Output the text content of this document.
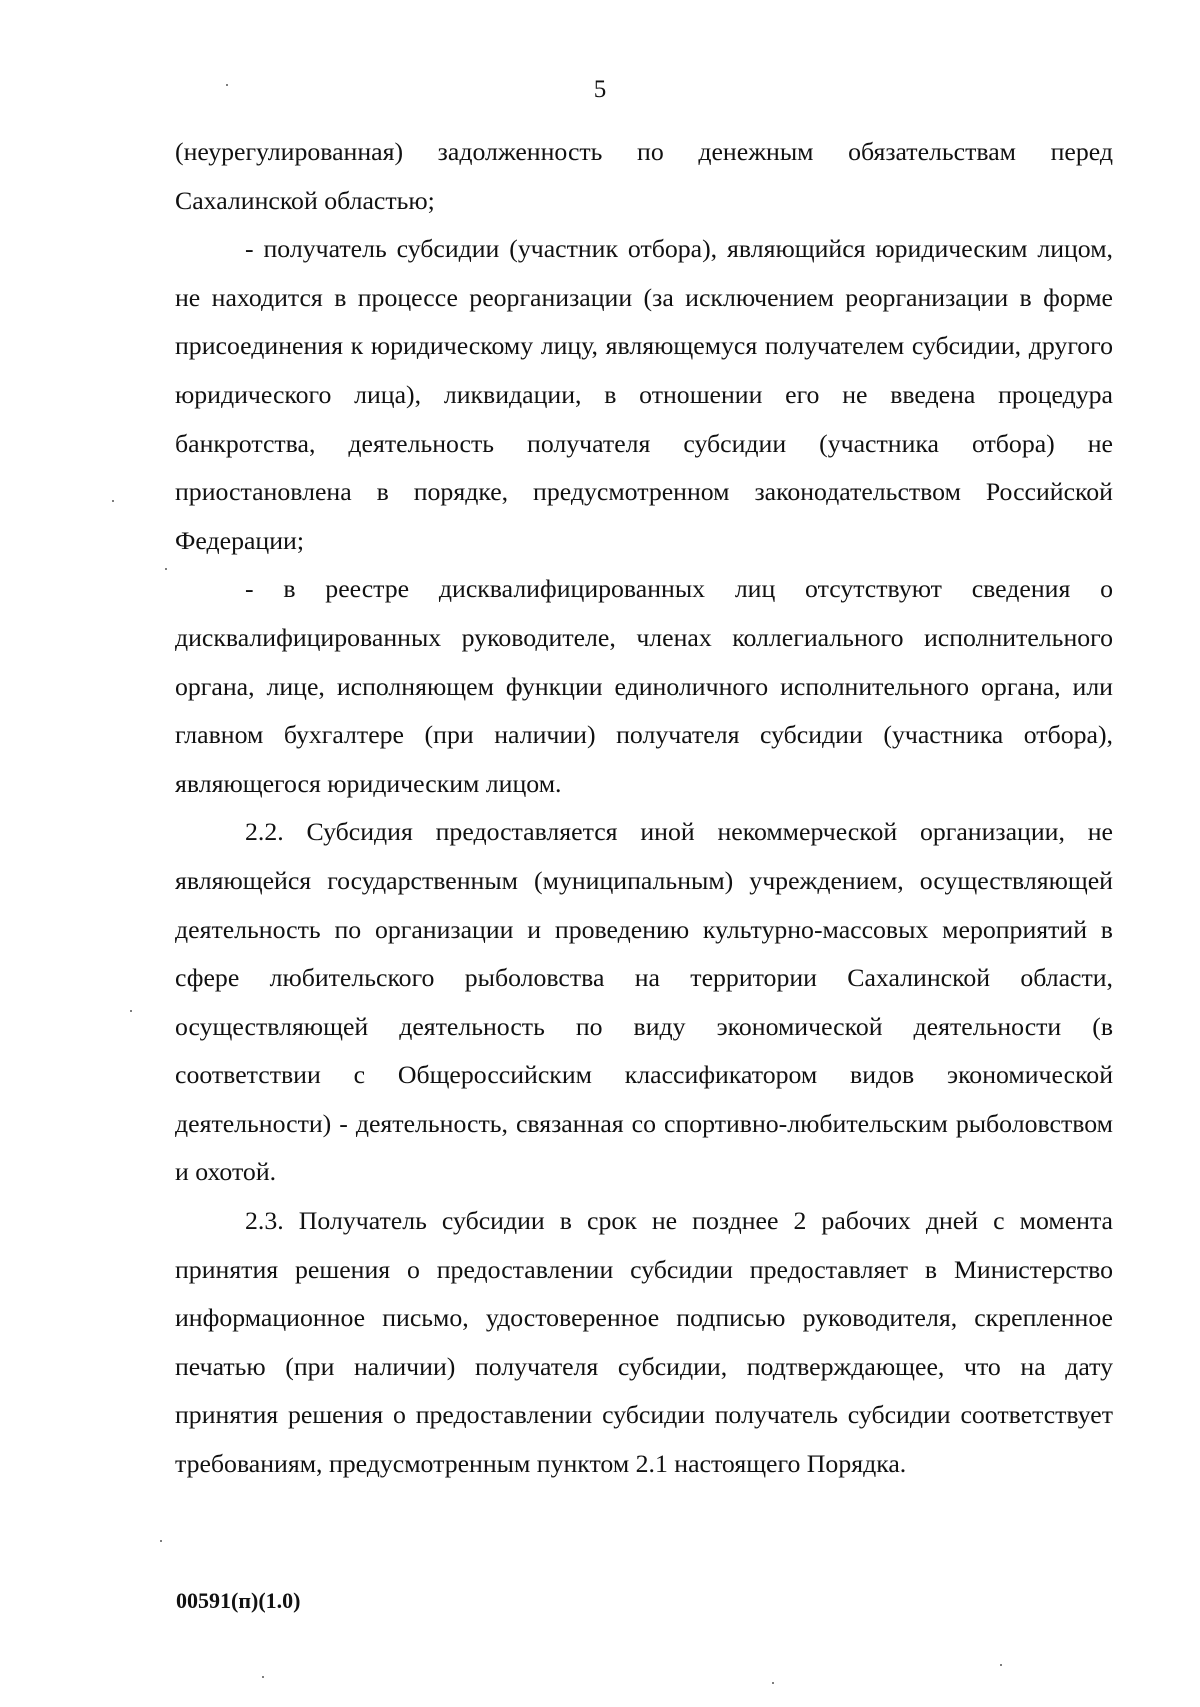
5

(неурегулированная) задолженность по денежным обязательствам перед Сахалинской областью;

- получатель субсидии (участник отбора), являющийся юридическим лицом, не находится в процессе реорганизации (за исключением реорганизации в форме присоединения к юридическому лицу, являющемуся получателем субсидии, другого юридического лица), ликвидации, в отношении его не введена процедура банкротства, деятельность получателя субсидии (участника отбора) не приостановлена в порядке, предусмотренном законодательством Российской Федерации;

- в реестре дисквалифицированных лиц отсутствуют сведения о дисквалифицированных руководителе, членах коллегиального исполнительного органа, лице, исполняющем функции единоличного исполнительного органа, или главном бухгалтере (при наличии) получателя субсидии (участника отбора), являющегося юридическим лицом.

2.2. Субсидия предоставляется иной некоммерческой организации, не являющейся государственным (муниципальным) учреждением, осуществляющей деятельность по организации и проведению культурно-массовых мероприятий в сфере любительского рыболовства на территории Сахалинской области, осуществляющей деятельность по виду экономической деятельности (в соответствии с Общероссийским классификатором видов экономической деятельности) - деятельность, связанная со спортивно-любительским рыболовством и охотой.

2.3. Получатель субсидии в срок не позднее 2 рабочих дней с момента принятия решения о предоставлении субсидии предоставляет в Министерство информационное письмо, удостоверенное подписью руководителя, скрепленное печатью (при наличии) получателя субсидии, подтверждающее, что на дату принятия решения о предоставлении субсидии получатель субсидии соответствует требованиям, предусмотренным пунктом 2.1 настоящего Порядка.

00591(п)(1.0)
